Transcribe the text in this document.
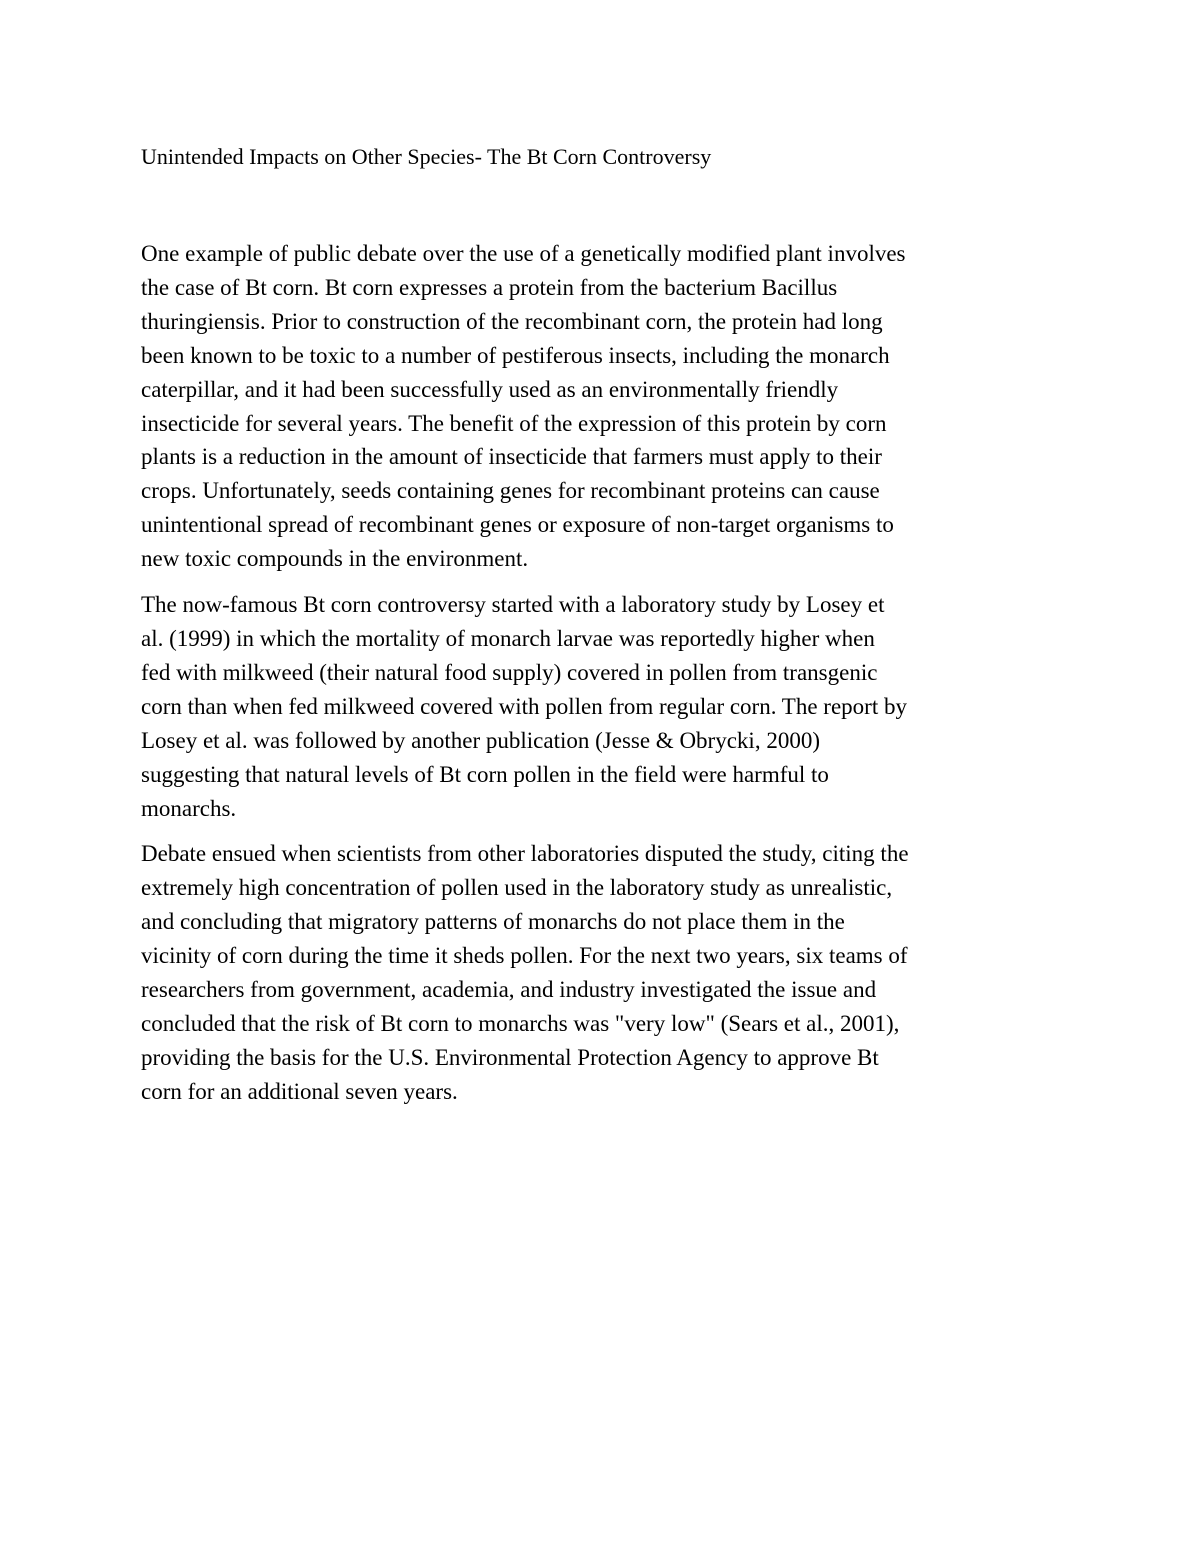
Unintended Impacts on Other Species- The Bt Corn Controversy
One example of public debate over the use of a genetically modified plant involves
the case of Bt corn. Bt corn expresses a protein from the bacterium Bacillus
thuringiensis. Prior to construction of the recombinant corn, the protein had long
been known to be toxic to a number of pestiferous insects, including the monarch
caterpillar, and it had been successfully used as an environmentally friendly
insecticide for several years. The benefit of the expression of this protein by corn
plants is a reduction in the amount of insecticide that farmers must apply to their
crops. Unfortunately, seeds containing genes for recombinant proteins can cause
unintentional spread of recombinant genes or exposure of non-target organisms to
new toxic compounds in the environment.
The now-famous Bt corn controversy started with a laboratory study by Losey et
al. (1999) in which the mortality of monarch larvae was reportedly higher when
fed with milkweed (their natural food supply) covered in pollen from transgenic
corn than when fed milkweed covered with pollen from regular corn. The report by
Losey et al. was followed by another publication (Jesse & Obrycki, 2000)
suggesting that natural levels of Bt corn pollen in the field were harmful to
monarchs.
Debate ensued when scientists from other laboratories disputed the study, citing the
extremely high concentration of pollen used in the laboratory study as unrealistic,
and concluding that migratory patterns of monarchs do not place them in the
vicinity of corn during the time it sheds pollen. For the next two years, six teams of
researchers from government, academia, and industry investigated the issue and
concluded that the risk of Bt corn to monarchs was "very low" (Sears et al., 2001),
providing the basis for the U.S. Environmental Protection Agency to approve Bt
corn for an additional seven years.
